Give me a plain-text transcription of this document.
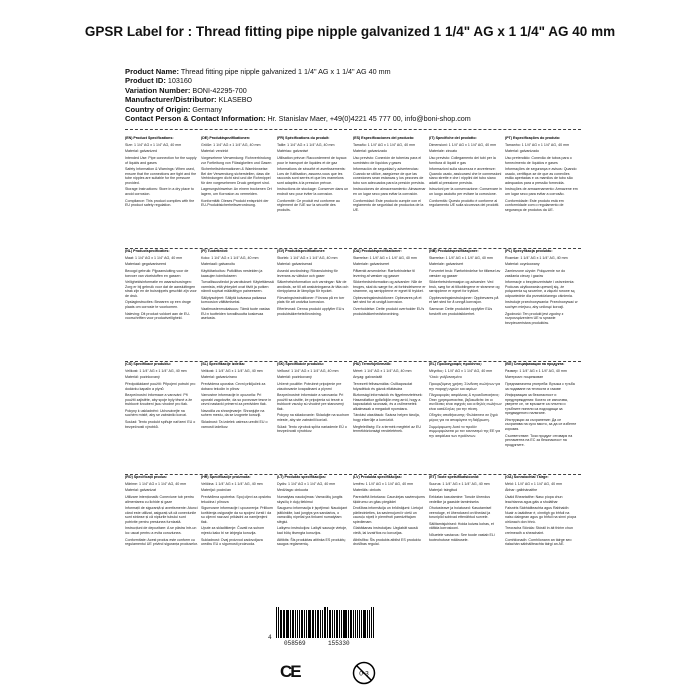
GPSR Label for : Thread fitting pipe nipple galvanized 1 1/4" AG x 1 1/4" AG 40 mm
Product Name: Thread fitting pipe nipple galvanized 1 1/4" AG x 1 1/4" AG 40 mm
Product ID: 103160
Variation Number: BONI-42295-700
Manufacturer/Distributor: KLASEBO
Country of Origin: Germany
Contact Person & Contact Information: Hr. Stanislav Maer, +49(0)4221 45 777 00, info@boni-shop.com

(EN) Product Specifications:

Size: 1 1/4" AG x 1 1/4" AG, 40 mm

Material: galvanized

Intended Use: Pipe connection for the supply of liquids and gases

Safety Information & Warnings: When used, ensure that the connections are tight and the tube nipples are suitable for the pressure provided.

Storage Instructions: Store in a dry place to avoid corrosion.

Compliance: This product complies with the EU product safety regulation.

(DE) Produktspezifikationen:

Größe: 1 1/4" AG x 1 1/4" AG, 40 mm

Material: verzinkt

Vorgesehene Verwendung: Rohrverbindung zur Fortleitung von Flüssigkeiten und Gasen

Sicherheitsinformationen & Warnhinweise: Bei der Verwendung sicherstellen, dass die Verbindungen dicht sind und die Rohrnippel für den vorgesehenen Druck geeignet sind.

Lagerungshinweise: An einem trockenen Ort lagern, um Korrosion zu vermeiden.

Konformität: Dieses Produkt entspricht der EU-Produktsicherheitsverordnung.

(FR) Spécifications du produit:

Taille: 1 1/4" AG x 1 1/4" AG, 40 mm

Matériau: galvanisé

Utilisation prévue: Raccordement de tuyaux pour le transport de liquides et de gaz

Informations de sécurité et avertissements: Lors de l'utilisation, assurez-vous que les raccords sont serrés et que les mamelons sont adaptés à la pression prévue.

Instructions de stockage: Conserver dans un endroit sec pour éviter la corrosion.

Conformité: Ce produit est conforme au règlement de l'UE sur la sécurité des produits.

(ES) Especificaciones del producto:

Tamaño: 1 1/4" AG x 1 1/4" AG, 40 mm

Material: galvanizado

Uso previsto: Conexión de tuberías para el suministro de líquidos y gases

Información de seguridad y advertencias: Cuando se utilice, asegúrese de que las conexiones sean estancas y los pezones de tubo son adecuados para la presión prevista.

Instrucciones de almacenamiento: Almacenar en un lugar seco para evitar la corrosión.

Conformidad: Este producto cumple con el reglamento de seguridad de productos de la UE.

(IT) Specifiche del prodotto:

Dimensioni: 1 1/4" AG x 1 1/4" AG, 40 mm

Materiale: zincato

Uso previsto: Collegamento dei tubi per la fornitura di liquidi e gas

Informazioni sulla sicurezza e avvertenze: Quando usato, assicurarsi che le connessioni siano strette e che i nipplini dei tubo siano adatti al pressione prevista.

Istruzioni per la conservazione: Conservare in un luogo asciutto per evitare la corrosione.

Conformità: Questo prodotto è conforme al regolamento UE sulla sicurezza dei prodotti.

(PT) Especificações do produto:

Tamanho: 1 1/4" AG x 1 1/4" AG, 40 mm

Material: galvanizado

Uso pretendido: Conexão de tubos para o fornecimento de líquidos e gases

Informações de segurança e avisos: Quando usado, certifique-se de que as conexões estão apertadas e os mamilos de tubo são adequados para a pressão fornecida.

Instruções de armazenamento: Armazene em um lugar seco para evitar a corrosão.

Conformidade: Este produto está em conformidade com o regulamento de segurança de produtos da UE.

(NL) Productspecificaties:

Maat: 1 1/4" AG x 1 1/4" AG, 40 mm

Materiaal: gegalvaniseerd

Beoogd gebruik: Pijpaansluiting voor de toevoer van vloeistoffen en gassen

Veiligheidsinformatie en waarschuwingen: Zorg er bij gebruik voor dat de aansluitingen strak zijn en de buisnippels geschikt zijn voor de druk.

Opslaginstructies: Bewaren op een droge plaats om corrosie te voorkomen.

Naleving: Dit product voldoet aan de EU-voorschriften voor productveiligheid.

(FI) Tuotetiedot:

Koko: 1 1/4" AG x 1 1/4" AG, 40 mm

Materiaali: galvanoitu

Käyttötarkoitus: Putkiliitos nesteiden ja kaasujen toimitukseen

Turvallisuustiedot ja varoitukset: Käytettäessä varmista, että yhteydet ovat tiiviit ja putken nännit sopivat määrättyyn paineeseen.

Säilytysohjeet: Säilytä kuivassa paikassa korroosion välttämiseksi.

Vaatimustenmukaisuus: Tämä tuote vastaa EU:n tuotteiden turvallisuutta koskevaa asetusta.

(SV) Produktspecifikationer:

Storlek: 1 1/4" AG x 1 1/4" AG, 40 mm

Material: galvaniserad

Avsedd användning: Röranslutning för leverans av vätskor och gaser

Säkerhetsinformation och varningar: När de används, se till att anslutningarna är täta och rörnipplarna är lämpliga för trycket.

Förvaringsinstruktioner: Förvara på en torr plats för att undvika korrosion.

Efterlevnad: Denna produkt uppfyller EU:s produktsäkerhetsförordning.

(DA) Produktspecifikationer:

Størrelse: 1 1/4" AG x 1 1/4" AG, 40 mm

Materiale: galvaniseret

Påtænkt anvendelse: Rørforbindelse til levering af væsker og gasser

Sikkerhedsinformation og advarsler: Når de bruges, skal du sørge for, at forbindelserne er stramme, og rørnipplerne er egnet til trykket.

Opbevaringsinstruktioner: Opbevares på et tørt sted for at undgå korrosion.

Overholdelse: Dette produkt overholder EU's produktsikkerhedsforordning.

(NB) Produktspesifikasjoner:

Størrelse: 1 1/4" AG x 1 1/4" AG, 40 mm

Materiale: galvanisert

Forventet bruk: Rørforbindelse for tilførsel av væsker og gasser

Sikkerhetsinformasjon og advarsler: Ved bruk, sørg for at tilkoblingene er stramme og rørnipplene er egnet for trykket.

Oppbevaringsinstruksjoner: Oppbevares på et tørt sted for å unngå korrosjon.

Samsvar: Dette produktet oppfyller EUs forskrift om produktsikkerhet.

(PL) Specyfikacja produktu:

Rozmiar: 1 1/4" AG x 1 1/4" AG, 40 mm

Materiał: ocynkowany

Zamierzone użycie: Połączenie rur do zasilania cieczy i gazów

Informacje o bezpieczeństwie i ostrzeżenia: Podczas użytkowania upewnij się, że połączenia są szczelne, a złączki rurowe są odpowiednie dla przewidzianego ciśnienia.

Instrukcje przechowywania: Przechowywać w suchym miejscu, aby uniknąć korozji.

Zgodność: Ten produkt jest zgodny z rozporządzeniem UE w sprawie bezpieczeństwa produktów.

(CS) Specifikace produktu:

Velikost: 1 1/4" AG x 1 1/4" AG, 40 mm

Materiál: pozinkovaný

Předpokládané použití: Připojení potrubí pro dodávku kapalin a plynů

Bezpečnostní informace a varování: Při použití zajistěte, aby spoje byly těsné a že trubkové šroubení jsou vhodné pro tlak.

Pokyny k uskladnění: Uchovávejte na suchém místě, aby se zabránilo korozi.

Soulad: Tento produkt splňuje nařízení EU o bezpečnosti výrobků.

(SL) Specifikacije izdelka:

Velikost: 1 1/4" AG x 1 1/4" AG, 40 mm

Material: galvanizirano

Predvidena uporaba: Cevni priključek za dobavo tekočin in plinov

Varnostne informacije in opozorila: Pri uporabi zagotovite, da so povezave tesne in cevni nastavki primerni za predviden tlak.

Navodila za shranjevanje: Shranjujte na suhem mestu, da se izognete koroziji.

Skladnost: Ta izdelek ustreza uredbi EU o varnosti izdelkov.

(SK) Špecifikácie produktu:

Veľkosť: 1 1/4" AG x 1 1/4" AG, 40 mm

Materiál: pozinkovaný

Určené použitie: Potrubné pripojenie pre zásobovanie kvapalinami a plynmi

Bezpečnostné informácie a varovania: Pri použití sa uistite, že pripojenia sú tesné a trubkové vsuvky sú vhodné pre stanovený tlak.

Pokyny na skladovanie: Skladujte na suchom mieste, aby ste zabránili korózii.

Súlad: Tento výrobok spĺňa nariadenie EÚ o bezpečnosti výrobkov.

(HU) Termékjellemzők:

Méret: 1 1/4" AG x 1 1/4" AG, 40 mm

Anyag: galvanizált

Tervezett felhasználás: Csőkapcsolat folyadékok és gázok ellátására

Biztonsági információk és figyelmeztetések: Használatkor győződjön meg arról, hogy a kapcsolatok szorosak, és a csőmenetek alkalmasak a megadott nyomásra.

Tárolási utasítások: Száraz helyen tárolja, hogy elkerülje a korróziót.

Megfelelőség: Ez a termék megfelel az EU termékbiztonsági rendeletének.

(EL) Προδιαγραφές προϊόντος:

Μέγεθος: 1 1/4" AG x 1 1/4" AG, 40 mm

Υλικό: γαλβανισμένο

Προοριζόμενη χρήση: Σύνδεση σωλήνων για την παροχή υγρών και αερίων

Πληροφορίες ασφάλειας & προειδοποιήσεις: Όταν χρησιμοποιείται, βεβαιωθείτε ότι οι συνδέσεις είναι σφιχτές και οι θηλές σωλήνων είναι κατάλληλες για την πίεση.

Οδηγίες αποθήκευσης: Φυλάσσετε σε ξηρό μέρος για να αποφύγετε τη διάβρωση.

Συμμόρφωση: Αυτό το προϊόν συμμορφώνεται με τον κανονισμό της ΕΕ για την ασφάλεια των προϊόντων.

(BG) Спецификации на продукта:

Размер: 1 1/4" AG x 1 1/4" AG, 40 mm

Материал: поцинкован

Предназначена употреба: Връзка с тръба за подаване на течности и газове

Информация за безопасност и предупреждения: Когато се използва, уверете се, че връзките са плътни и тръбните нипели са подходящи за предвиденото налягане.

Инструкции за съхранение: Да се съхранява на сухо място, за да се избегне корозия.

Съответствие: Този продукт отговаря на регламента на ЕС за безопасност на продуктите.

(RO) Specificații produs:

Mărime: 1 1/4" AG x 1 1/4" AG, 40 mm

Material: galvanizat

Utilizare intenționată: Conexiune tub pentru alimentarea cu lichide și gaze

Informații de siguranță și avertismente: Atunci când este utilizat, asigurați-vă că conexiunile sunt strânse și că niplurile tubului sunt potrivite pentru presiunea furnizată.

Instrucțiuni de depozitare: A se păstra într-un loc uscat pentru a evita coroziunea.

Conformitate: Acest produs este conform cu regulamentul UE privind siguranța produselor.

(HR) Specifikacije proizvoda:

Veličina: 1 1/4" AG x 1 1/4" AG, 40 mm

Materijal: pocinčan

Predviđena upotreba: Spoj cijevi za opskrbu tekućina i plinova

Sigurnosne informacije i upozorenja: Prilikom korištenja osigurajte da su spojevi čvrsti i da su cijevni nazuvci prikladni za namijenjeni tlak.

Upute za skladištenje: Čuvati na suhom mjestu kako bi se izbjegla korozija.

Sukladnost: Ovaj proizvod zadovoljava uredbu EU o sigurnosti proizvoda.

(LT) Produkto specifikacijos:

Dydis: 1 1/4" AG x 1 1/4" AG, 40 mm

Medžiaga: cinkuota

Numatytas naudojimas: Vamzdžių jungtis skysčių ir dujų tiekimui

Saugumo informacija ir įspėjimai: Naudojant įsitikinkite, kad jungtys yra sandarios, o vamzdžių nipeliai yra tinkami numatytam slėgiui.

Laikymo instrukcijos: Laikyti sausoje vietoje, kad būtų išvengta korozijos.

Atitiktis: Šis produktas atitinka ES produktų saugos reglamentą.

(LV) Produkta specifikācijas:

Izmērs: 1 1/4" AG x 1 1/4" AG, 40 mm

Materiāls: cinkots

Paredzētā lietošana: Caurulejas savienojums šķidrumu un gāzu piegādei

Drošības informācija un brīdinājumi: Lietojot pārliecinieties, ka savienojumi ir cieši un cauruļu nipeļi ir piemēroti paredzētajam spiedienam.

Glabāšanas instrukcijas: Uzglabāt sausā vietā, lai izvairītos no korozijas.

Atbilstība: Šis produkts atbilst ES produktu drošības regulai.

(ET) Toote spetsifikatsioonid:

Suurus: 1 1/4" AG x 1 1/4" AG, 40 mm

Materjal: tsingitud

Eeldatav kasutamine: Torude ühendus vedelike ja gaaside tarnimiseks

Ohutusteave ja hoiatused: Kasutamisel veenduge, et ühendused on tihedad ja toruniplid sobivad ettenähtud survele.

Säilitamisjuhised: Hoida kuivas kohas, et vältida korrosiooni.

Nõuetele vastavus: See toode vastab ELi tooteohutuse määrusele.

(GA) Sonraíochtaí Táirge:

Méid: 1 1/4" AG x 1 1/4" AG, 40 mm

Ábhar: galbhánaithe

Úsáid Bheartaithe: Nasc píopa chun leachtanna agus gáis a sholáthar

Faisnéis Sábháilteachta agus Rabhaidh: Nuair a úsáidtear é, cinntigh go bhfuil na naisc daingean agus go bhfuil na sinní píopa oiriúnach don bhrú.

Treoracha Stórála: Stóráil in áit thirim chun creimeadh a sheachaint.

Comhlíonadh: Comhlíonann an táirge seo rialachán sábháilteachta táirgí an AE.

4
058569	155330
CE	0-3
